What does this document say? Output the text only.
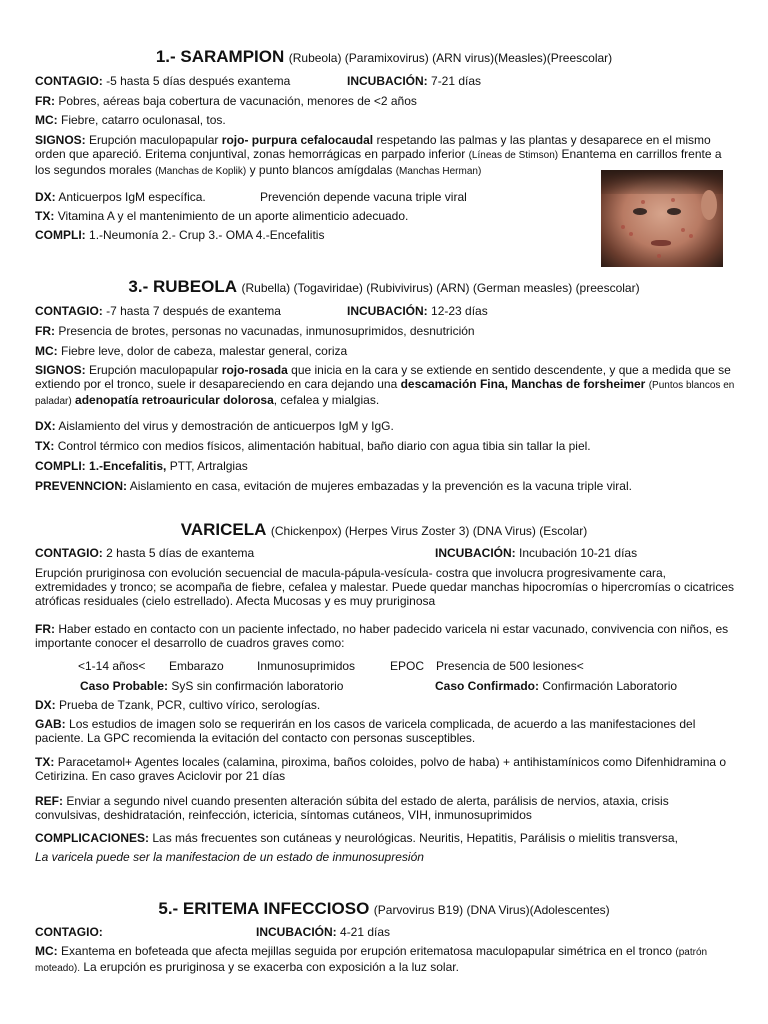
1.- SARAMPION (Rubeola) (Paramixovirus) (ARN virus)(Measles)(Preescolar)
CONTAGIO: -5 hasta 5 días después exantema	INCUBACIÓN: 7-21 días
FR: Pobres, aéreas baja cobertura de vacunación, menores de <2 años
MC: Fiebre, catarro oculonasal, tos.
SIGNOS: Erupción maculopapular rojo- purpura cefalocaudal respetando las palmas y las plantas y desaparece en el mismo orden que apareció. Eritema conjuntival, zonas hemorrágicas en parpado inferior (Líneas de Stimson) Enantema en carrillos frente a los segundos morales (Manchas de Koplik) y punto blancos amígdalas (Manchas Herman)
DX: Anticuerpos IgM específica.	Prevención depende vacuna triple viral
TX: Vitamina A y el mantenimiento de un aporte alimenticio adecuado.
COMPLI: 1.-Neumonía 2.- Crup 3.- OMA 4.-Encefalitis
3.- RUBEOLA (Rubella) (Togaviridae) (Rubivivirus) (ARN) (German measles) (preescolar)
CONTAGIO: -7 hasta 7 después de exantema	INCUBACIÓN: 12-23 días
FR: Presencia de brotes, personas no vacunadas, inmunosuprimidos, desnutrición
MC: Fiebre leve, dolor de cabeza, malestar general, coriza
SIGNOS: Erupción maculopapular rojo-rosada que inicia en la cara y se extiende en sentido descendente, y que a medida que se extiendo por el tronco, suele ir desapareciendo en cara dejando una descamación Fina, Manchas de forsheimer (Puntos blancos en paladar) adenopatía retroauricular dolorosa, cefalea y mialgias.
DX: Aislamiento del virus y demostración de anticuerpos IgM y IgG.
TX: Control térmico con medios físicos, alimentación habitual, baño diario con agua tibia sin tallar la piel.
COMPLI: 1.-Encefalitis, PTT, Artralgias
PREVENNCION: Aislamiento en casa, evitación de mujeres embazadas y la prevención es la vacuna triple viral.
VARICELA (Chickenpox) (Herpes Virus Zoster 3) (DNA Virus) (Escolar)
CONTAGIO: 2 hasta 5 días de exantema	INCUBACIÓN: Incubación 10-21 días
Erupción pruriginosa con evolución secuencial de macula-pápula-vesícula- costra que involucra progresivamente cara, extremidades y tronco; se acompaña de fiebre, cefalea y malestar. Puede quedar manchas hipocromías o hipercromías o cicatrices atróficas residuales (cielo estrellado). Afecta Mucosas y es muy pruriginosa
FR: Haber estado en contacto con un paciente infectado, no haber padecido varicela ni estar vacunado, convivencia con niños, es importante conocer el desarrollo de cuadros graves como:
<1-14 años< Embarazo	Inmunosuprimidos	EPOC Presencia de 500 lesiones<
Caso Probable: SyS sin confirmación laboratorio	Caso Confirmado: Confirmación Laboratorio
DX: Prueba de Tzank, PCR, cultivo vírico, serologías.
GAB: Los estudios de imagen solo se requerirán en los casos de varicela complicada, de acuerdo a las manifestaciones del paciente. La GPC recomienda la evitación del contacto con personas susceptibles.
TX: Paracetamol+ Agentes locales (calamina, piroxima, baños coloides, polvo de haba) + antihistamínicos como Difenhidramina o Cetirizina. En caso graves Aciclovir por 21 días
REF: Enviar a segundo nivel cuando presenten alteración súbita del estado de alerta, parálisis de nervios, ataxia, crisis convulsivas, deshidratación, reinfección, ictericia, síntomas cutáneos, VIH, inmunosuprimidos
COMPLICACIONES: Las más frecuentes son cutáneas y neurológicas. Neuritis, Hepatitis, Parálisis o mielitis transversa,
La varicela puede ser la manifestacion de un estado de inmunosupresión
5.- ERITEMA INFECCIOSO (Parvovirus B19) (DNA Virus)(Adolescentes)
CONTAGIO:	INCUBACIÓN: 4-21 días
MC: Exantema en bofeteada que afecta mejillas seguida por erupción eritematosa maculopapular simétrica en el tronco (patrón moteado). La erupción es pruriginosa y se exacerba con exposición a la luz solar.
